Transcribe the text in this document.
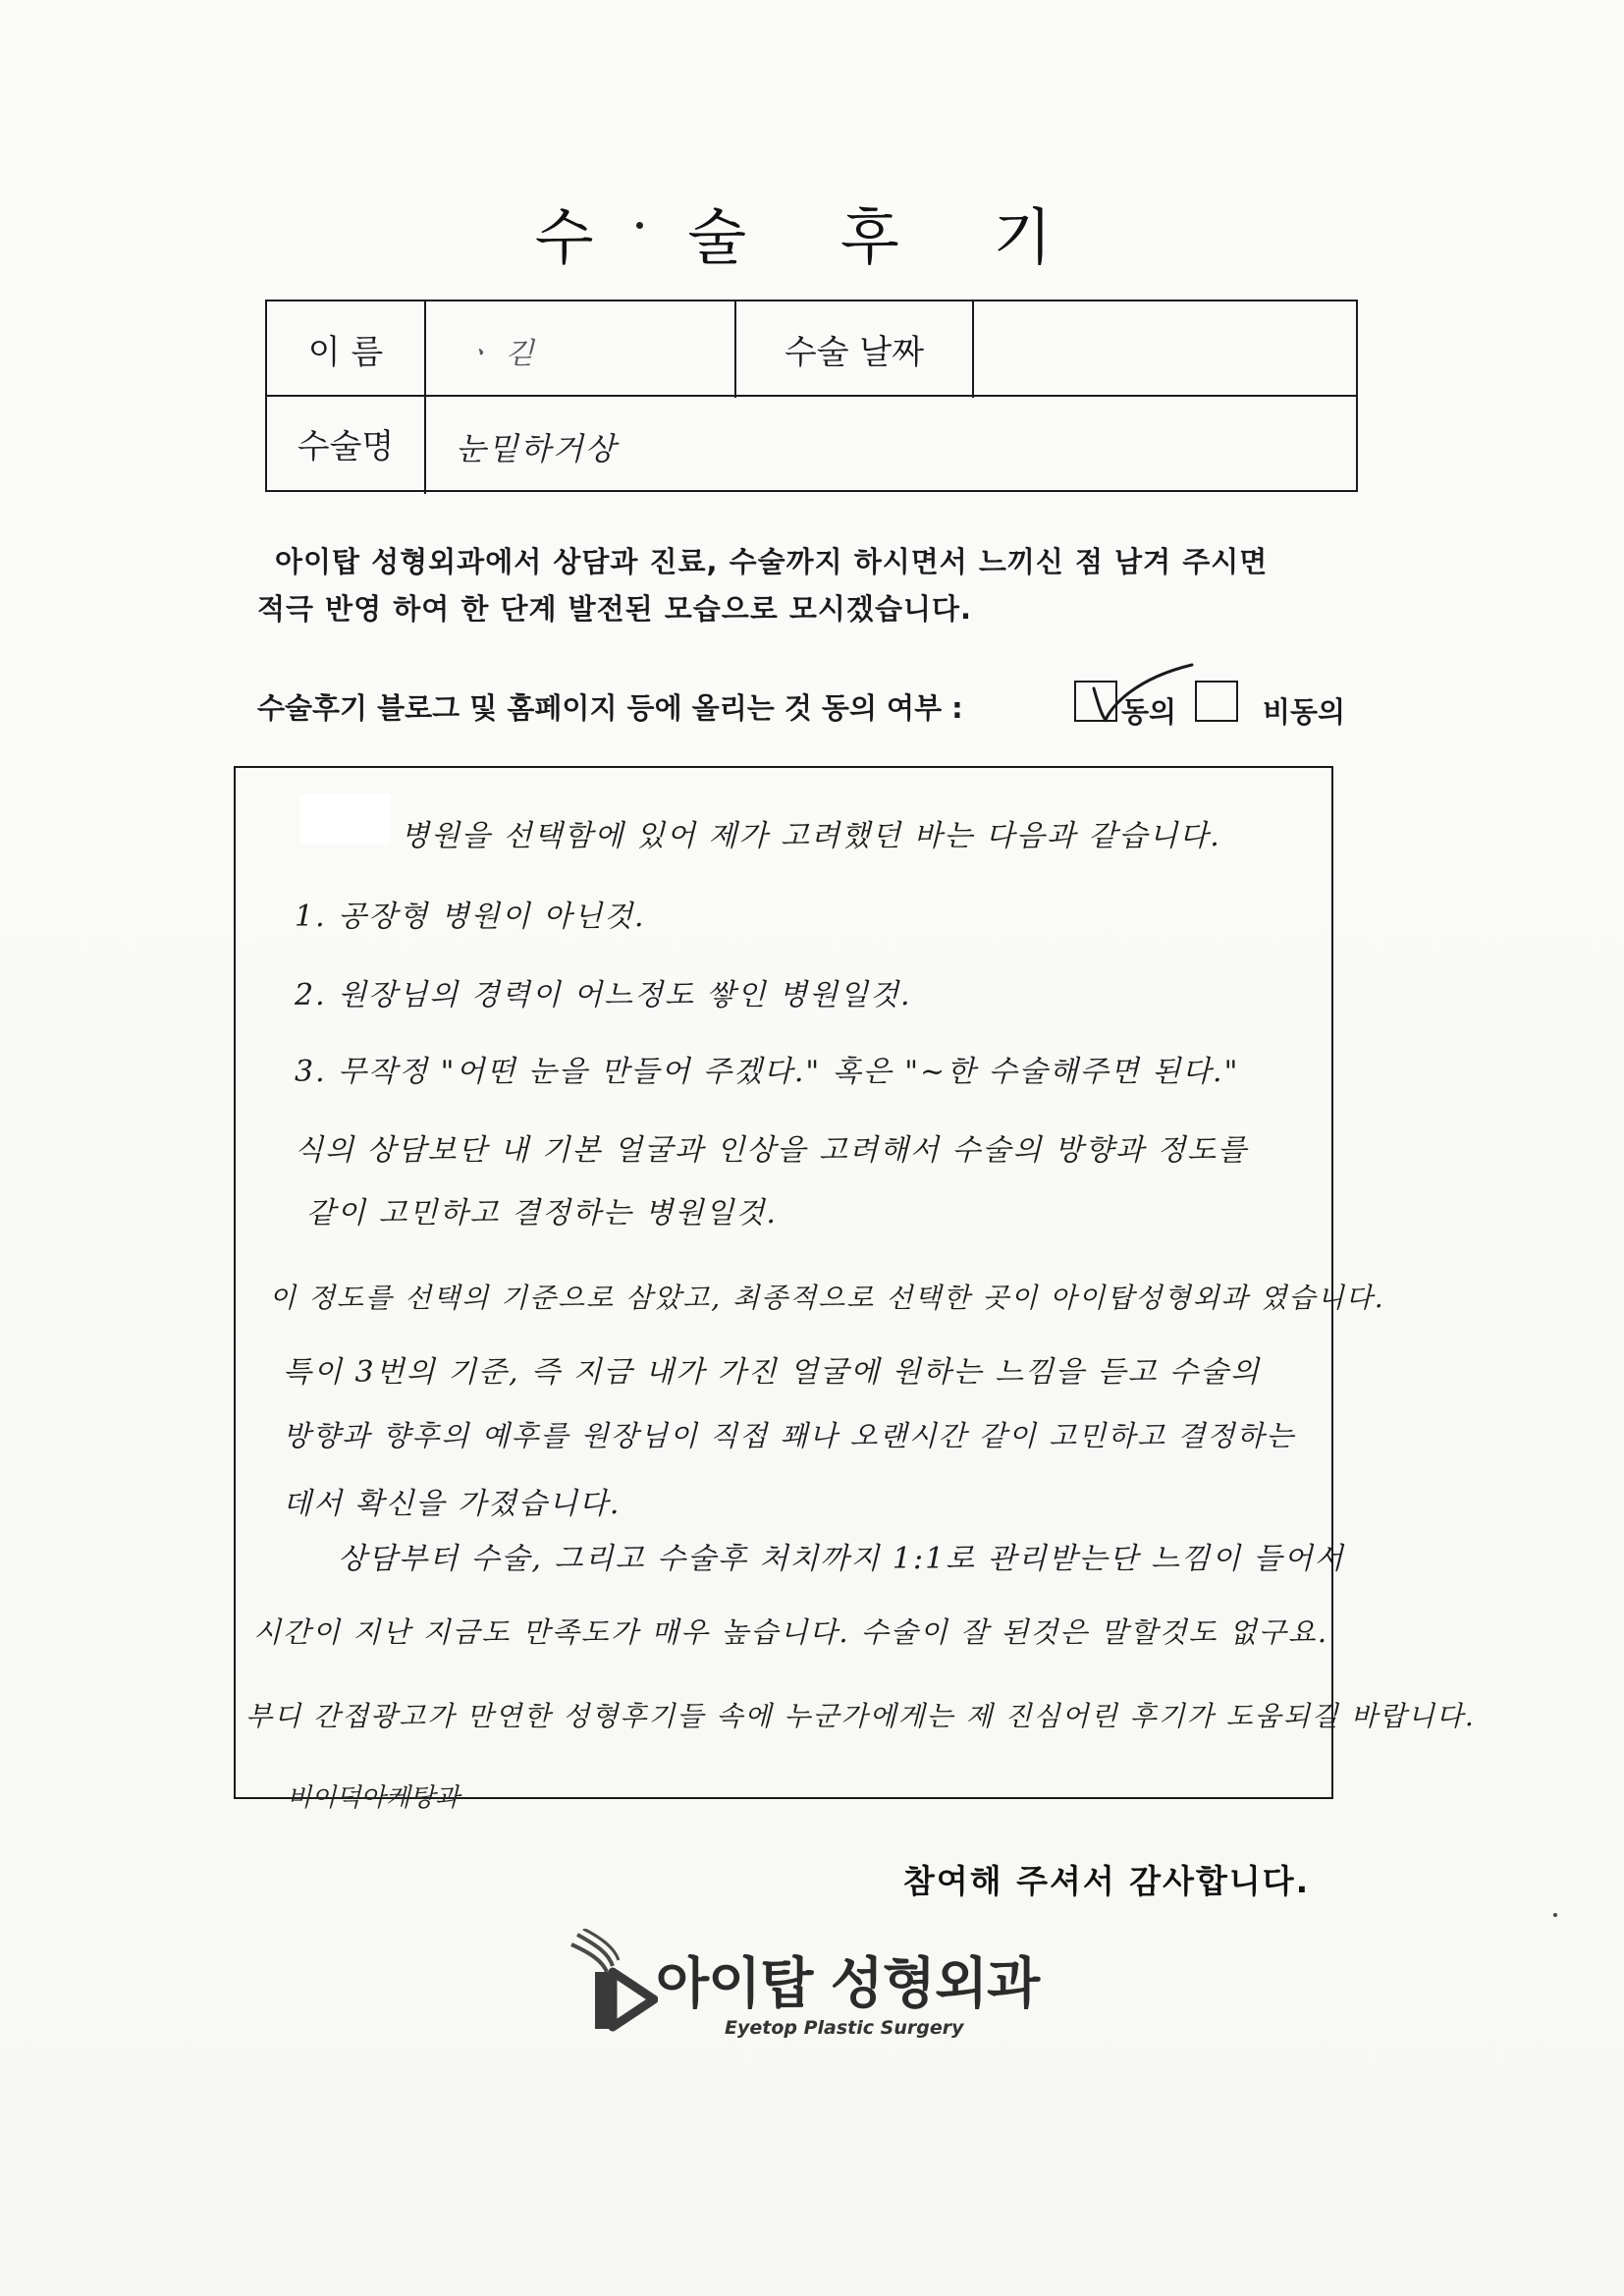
수 술 후 기
이 름	ㆍ 긷	수술 날짜
수술명	눈밑하거상
아이탑 성형외과에서 상담과 진료, 수술까지 하시면서 느끼신 점 남겨 주시면
적극 반영 하여 한 단계 발전된 모습으로 모시겠습니다.
수술후기 블로그 및 홈페이지 등에 올리는 것 동의 여부 :	동의	비동의
병원을 선택함에 있어 제가 고려했던 바는 다음과 같습니다.
1. 공장형 병원이 아닌것.
2. 원장님의 경력이 어느정도 쌓인 병원일것.
3. 무작정 "어떤 눈을 만들어 주겠다." 혹은 "~한 수술해주면 된다."
식의 상담보단 내 기본 얼굴과 인상을 고려해서 수술의 방향과 정도를
같이 고민하고 결정하는 병원일것.
이 정도를 선택의 기준으로 삼았고, 최종적으로 선택한 곳이 아이탑성형외과 였습니다.
특이 3번의 기준, 즉 지금 내가 가진 얼굴에 원하는 느낌을 듣고 수술의
방향과 향후의 예후를 원장님이 직접 꽤나 오랜시간 같이 고민하고 결정하는
데서 확신을 가졌습니다.
상담부터 수술, 그리고 수술후 처치까지 1:1로 관리받는단 느낌이 들어서
시간이 지난 지금도 만족도가 매우 높습니다. 수술이 잘 된것은 말할것도 없구요.
부디 간접광고가 만연한 성형후기들 속에 누군가에게는 제 진심어린 후기가 도움되길 바랍니다.
비이덕아케탕과
참여해 주셔서 감사합니다.
아이탑 성형외과
Eyetop Plastic Surgery
